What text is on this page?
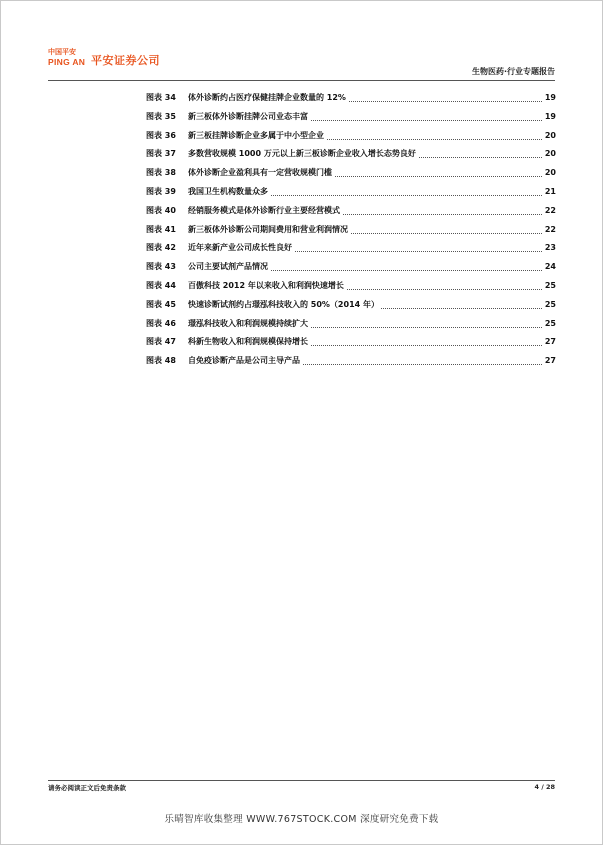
中国平安
PING AN 平安证券公司
生物医药·行业专题报告
图表 34	体外诊断约占医疗保健挂牌企业数量的 12%	19
图表 35	新三板体外诊断挂牌公司业态丰富	19
图表 36	新三板挂牌诊断企业多属于中小型企业	20
图表 37	多数营收规模 1000 万元以上新三板诊断企业收入增长态势良好	20
图表 38	体外诊断企业盈利具有一定营收规模门槛	20
图表 39	我国卫生机构数量众多	21
图表 40	经销服务模式是体外诊断行业主要经营模式	22
图表 41	新三板体外诊断公司期间费用和营业利润情况	22
图表 42	近年来新产业公司成长性良好	23
图表 43	公司主要试剂产品情况	24
图表 44	百傲科技 2012 年以来收入和利润快速增长	25
图表 45	快速诊断试剂约占璟泓科技收入的 50%（2014 年）	25
图表 46	璟泓科技收入和利润规模持续扩大	25
图表 47	科新生物收入和利润规模保持增长	27
图表 48	自免疫诊断产品是公司主导产品	27
请务必阅读正文后免责条款	4 / 28
乐晴智库收集整理 WWW.767STOCK.COM 深度研究免费下载
